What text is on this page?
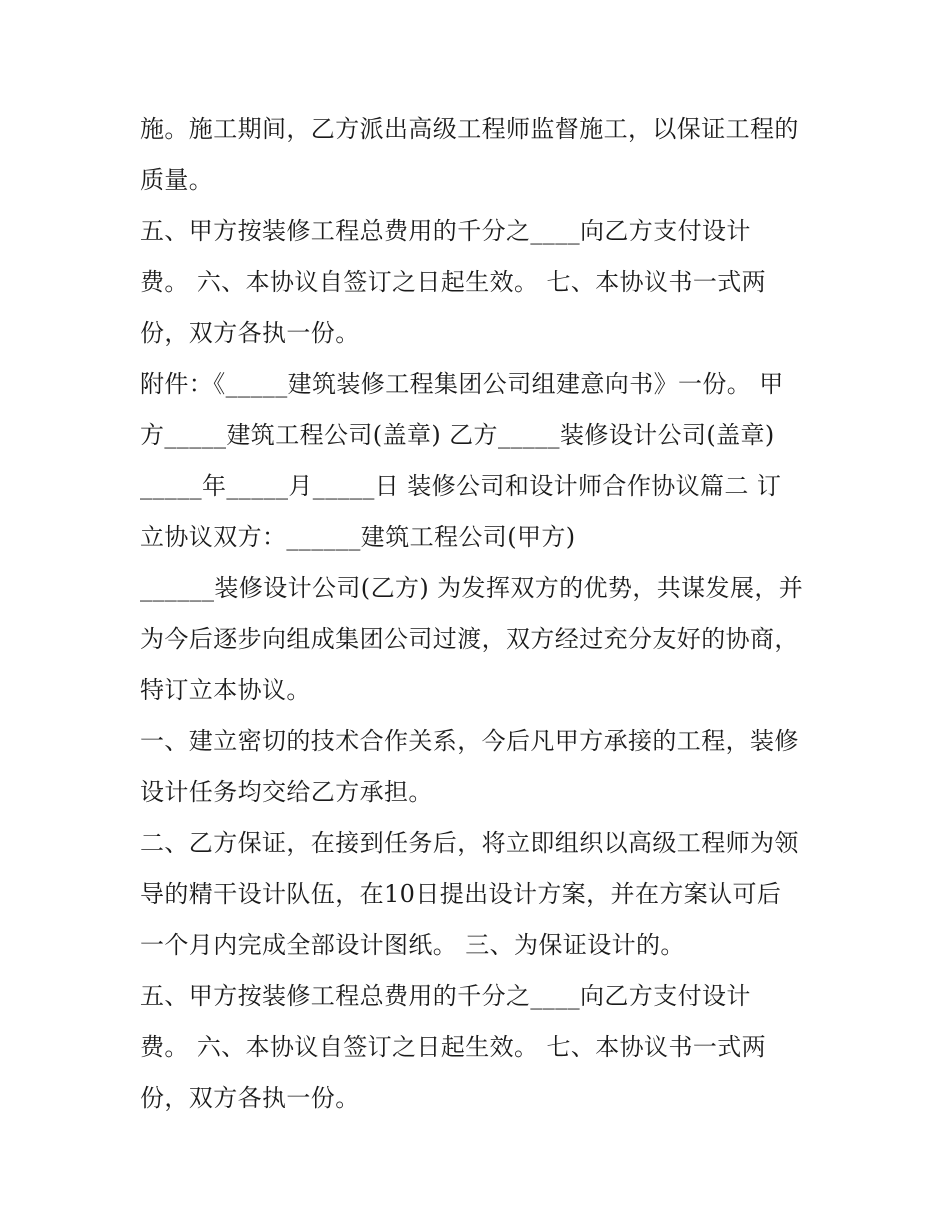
施。施工期间，乙方派出高级工程师监督施工，以保证工程的
质量。
五、甲方按装修工程总费用的千分之____向乙方支付设计
费。 六、本协议自签订之日起生效。 七、本协议书一式两
份，双方各执一份。
附件：《_____建筑装修工程集团公司组建意向书》一份。 甲
方_____建筑工程公司(盖章) 乙方_____装修设计公司(盖章)
_____年_____月_____日 装修公司和设计师合作协议篇二 订
立协议双方：______建筑工程公司(甲方)
______装修设计公司(乙方) 为发挥双方的优势，共谋发展，并
为今后逐步向组成集团公司过渡，双方经过充分友好的协商，
特订立本协议。
一、建立密切的技术合作关系，今后凡甲方承接的工程，装修
设计任务均交给乙方承担。
二、乙方保证，在接到任务后，将立即组织以高级工程师为领
导的精干设计队伍，在10日提出设计方案，并在方案认可后
一个月内完成全部设计图纸。 三、为保证设计的。
五、甲方按装修工程总费用的千分之____向乙方支付设计
费。 六、本协议自签订之日起生效。 七、本协议书一式两
份，双方各执一份。
